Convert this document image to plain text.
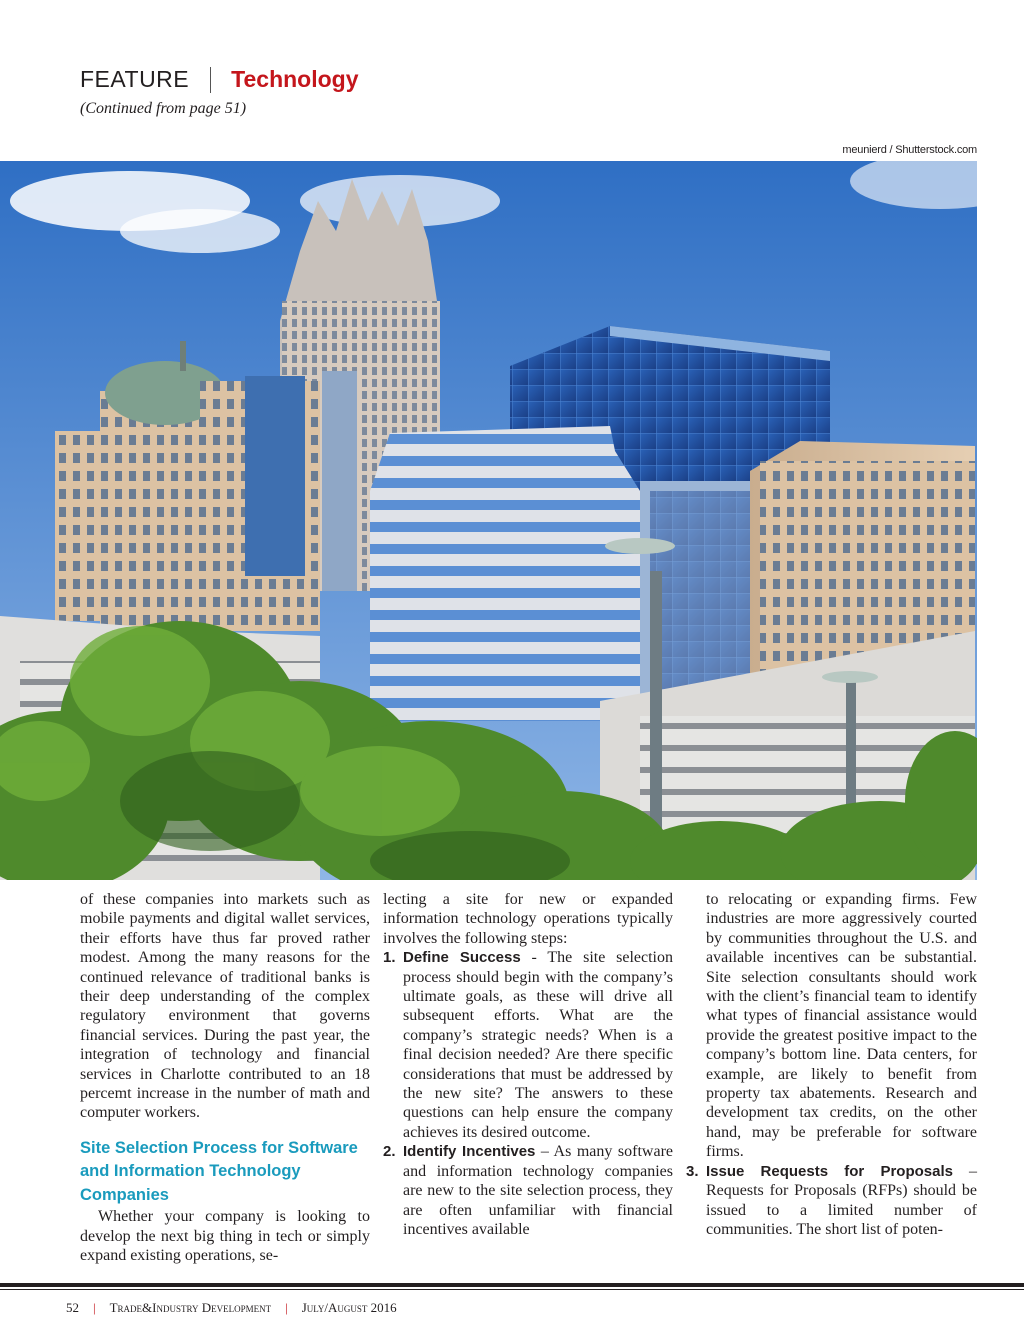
FEATURE Technology
(Continued from page 51)
meunierd / Shutterstock.com

of these companies into markets such as mobile payments and digital wallet services, their efforts have thus far proved rather modest. Among the many reasons for the continued relevance of traditional banks is their deep understanding of the complex regulatory environment that governs financial services. During the past year, the integration of technology and financial services in Charlotte contributed to an 18 percemt increase in the number of math and computer workers.

Site Selection Process for Software and Information Technology Companies

Whether your company is looking to develop the next big thing in tech or simply expand existing operations, se-

lecting a site for new or expanded information technology operations typically involves the following steps:

1. Define Success - The site selection process should begin with the company’s ultimate goals, as these will drive all subsequent efforts. What are the company’s strategic needs? When is a final decision needed? Are there specific considerations that must be addressed by the new site? The answers to these questions can help ensure the company achieves its desired outcome.
2. Identify Incentives – As many software and information technology companies are new to the site selection process, they are often unfamiliar with financial incentives available

to relocating or expanding firms. Few industries are more aggressively courted by communities throughout the U.S. and available incentives can be substantial. Site selection consultants should work with the client’s financial team to identify what types of financial assistance would provide the greatest positive impact to the company’s bottom line. Data centers, for example, are likely to benefit from property tax abatements. Research and development tax credits, on the other hand, may be preferable for software firms.

3. Issue Requests for Proposals – Requests for Proposals (RFPs) should be issued to a limited number of communities. The short list of poten-
52 | Trade&Industry Development | July/August 2016
